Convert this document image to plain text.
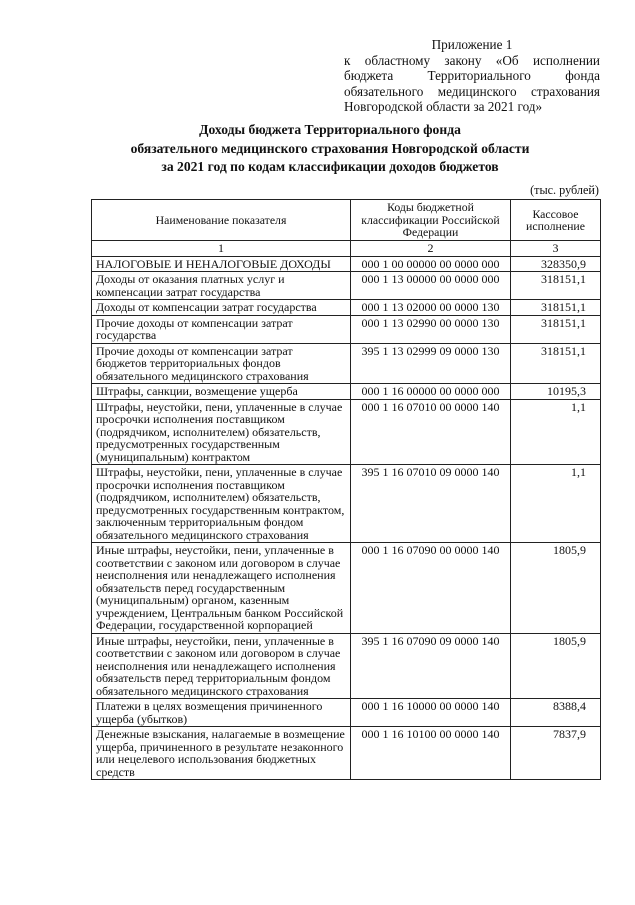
Приложение 1
к областному закону «Об исполнении бюджета Территориального фонда обязательного медицинского страхования Новгородской области за 2021 год»
Доходы бюджета Территориального фонда
обязательного медицинского страхования Новгородской области
за 2021 год по кодам классификации доходов бюджетов
(тыс. рублей)
Наименование показателя	Коды бюджетной классификации Российской Федерации	Кассовое исполнение
1	2	3
НАЛОГОВЫЕ И НЕНАЛОГОВЫЕ ДОХОДЫ	000 1 00 00000 00 0000 000	328350,9
Доходы от оказания платных услуг и компенсации затрат государства	000 1 13 00000 00 0000 000	318151,1
Доходы от компенсации затрат государства	000 1 13 02000 00 0000 130	318151,1
Прочие доходы от компенсации затрат государства	000 1 13 02990 00 0000 130	318151,1
Прочие доходы от компенсации затрат бюджетов территориальных фондов обязательного медицинского страхования	395 1 13 02999 09 0000 130	318151,1
Штрафы, санкции, возмещение ущерба	000 1 16 00000 00 0000 000	10195,3
Штрафы, неустойки, пени, уплаченные в случае просрочки исполнения поставщиком (подрядчиком, исполнителем) обязательств, предусмотренных государственным (муниципальным) контрактом	000 1 16 07010 00 0000 140	1,1
Штрафы, неустойки, пени, уплаченные в случае просрочки исполнения поставщиком (подрядчиком, исполнителем) обязательств, предусмотренных государственным контрактом, заключенным территориальным фондом обязательного медицинского страхования	395 1 16 07010 09 0000 140	1,1
Иные штрафы, неустойки, пени, уплаченные в соответствии с законом или договором в случае неисполнения или ненадлежащего исполнения обязательств перед государственным (муниципальным) органом, казенным учреждением, Центральным банком Российской Федерации, государственной корпорацией	000 1 16 07090 00 0000 140	1805,9
Иные штрафы, неустойки, пени, уплаченные в соответствии с законом или договором в случае неисполнения или ненадлежащего исполнения обязательств перед территориальным фондом обязательного медицинского страхования	395 1 16 07090 09 0000 140	1805,9
Платежи в целях возмещения причиненного ущерба (убытков)	000 1 16 10000 00 0000 140	8388,4
Денежные взыскания, налагаемые в возмещение ущерба, причиненного в результате незаконного или нецелевого использования бюджетных средств	000 1 16 10100 00 0000 140	7837,9
